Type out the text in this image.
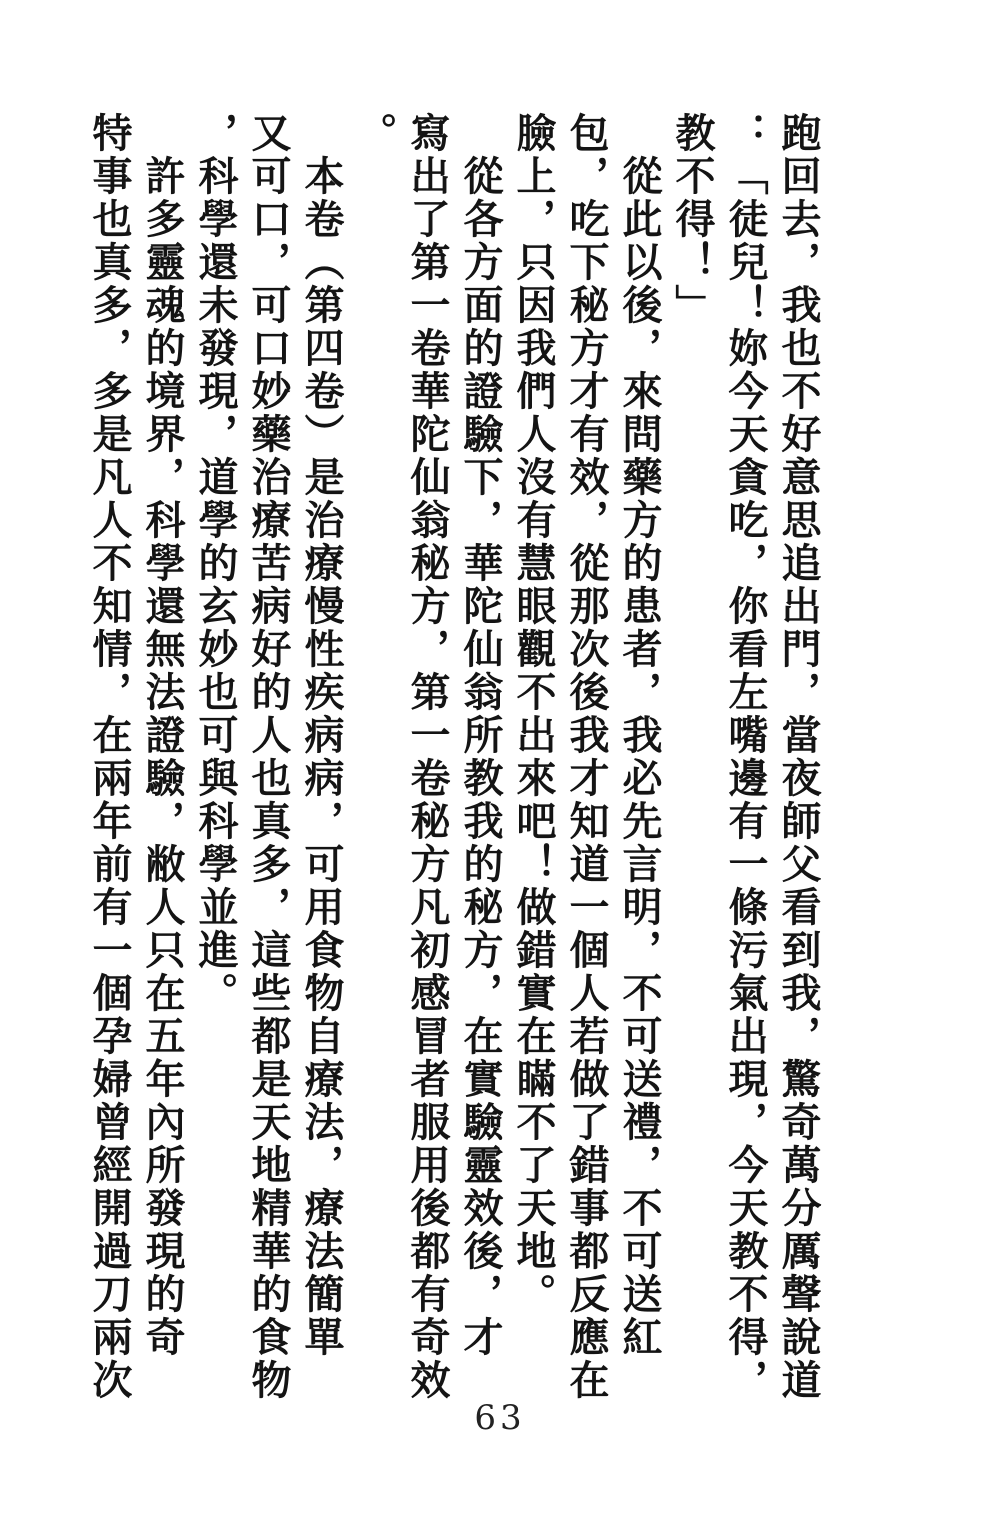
跑回去，我也不好意思追出門，當夜師父看到我，驚奇萬分厲聲說道

：「徒兒！妳今天貪吃，你看左嘴邊有一條污氣出現，今天教不得，

教不得！」

　從此以後，來問藥方的患者，我必先言明，不可送禮，不可送紅

包，吃下秘方才有效，從那次後我才知道一個人若做了錯事都反應在

臉上，只因我們人沒有慧眼觀不出來吧！做錯實在瞞不了天地。

　從各方面的證驗下，華陀仙翁所教我的秘方，在實驗靈效後，才

寫出了第一卷華陀仙翁秘方，第一卷秘方凡初感冒者服用後都有奇效

。

　本卷（第四卷）是治療慢性疾病病，可用食物自療法，療法簡單

又可口，可口妙藥治療苦病好的人也真多，這些都是天地精華的食物

，科學還未發現，道學的玄妙也可與科學並進。

　許多靈魂的境界，科學還無法證驗，敝人只在五年內所發現的奇

特事也真多，多是凡人不知情，在兩年前有一個孕婦曾經開過刀兩次

63
